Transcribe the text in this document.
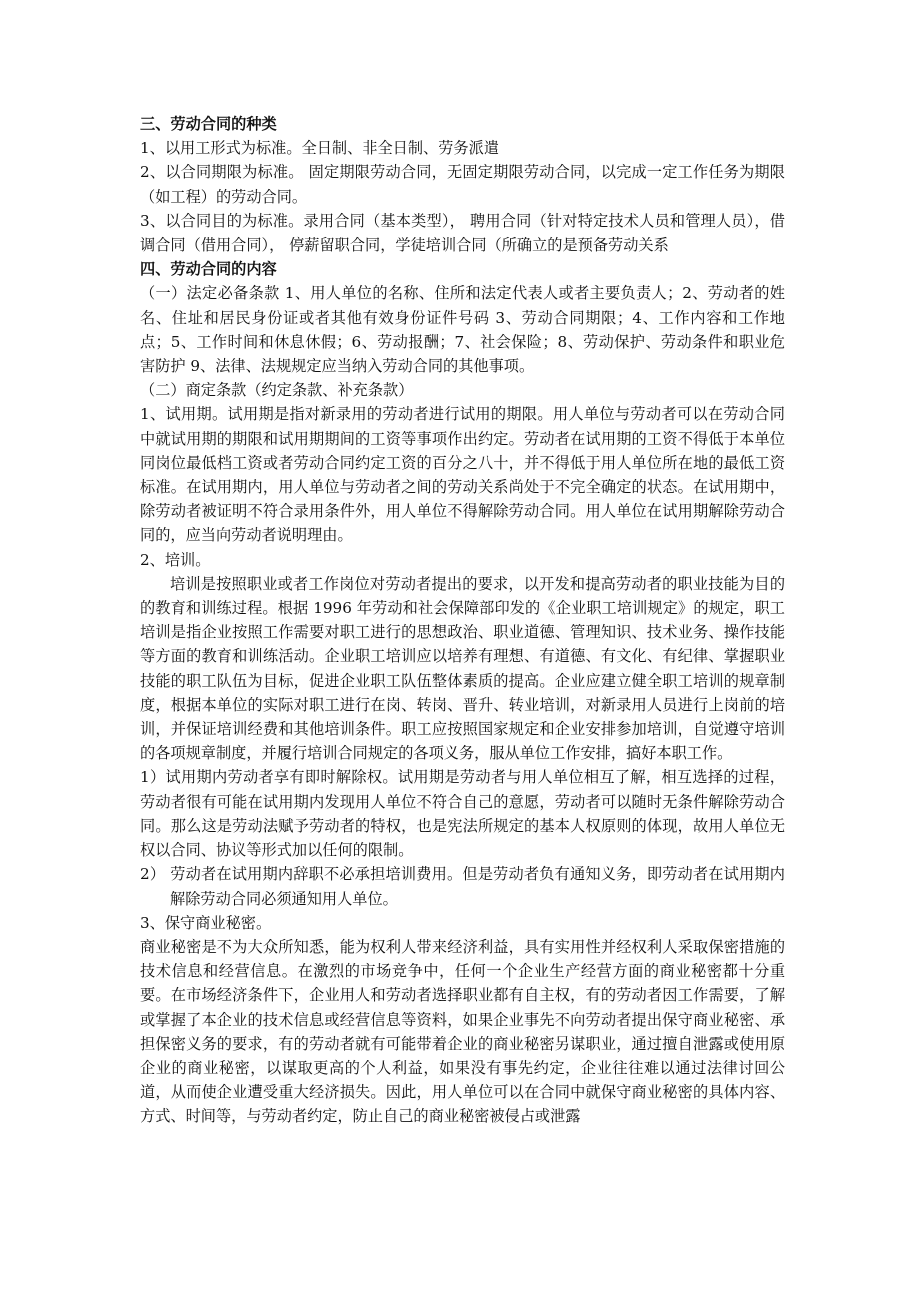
三、劳动合同的种类

1、以用工形式为标准。全日制、非全日制、劳务派遣

2、以合同期限为标准。 固定期限劳动合同，无固定期限劳动合同，以完成一定工作任务为期限（如工程）的劳动合同。

3、以合同目的为标准。录用合同（基本类型）， 聘用合同（针对特定技术人员和管理人员），借调合同（借用合同）， 停薪留职合同，学徒培训合同（所确立的是预备劳动关系

四、劳动合同的内容

（一）法定必备条款 1、用人单位的名称、住所和法定代表人或者主要负责人；2、劳动者的姓名、住址和居民身份证或者其他有效身份证件号码 3、劳动合同期限；4、工作内容和工作地点；5、工作时间和休息休假；6、劳动报酬；7、社会保险；8、劳动保护、劳动条件和职业危害防护 9、法律、法规规定应当纳入劳动合同的其他事项。

（二）商定条款（约定条款、补充条款）

1、试用期。试用期是指对新录用的劳动者进行试用的期限。用人单位与劳动者可以在劳动合同中就试用期的期限和试用期期间的工资等事项作出约定。劳动者在试用期的工资不得低于本单位同岗位最低档工资或者劳动合同约定工资的百分之八十，并不得低于用人单位所在地的最低工资标准。在试用期内，用人单位与劳动者之间的劳动关系尚处于不完全确定的状态。在试用期中，除劳动者被证明不符合录用条件外，用人单位不得解除劳动合同。用人单位在试用期解除劳动合同的，应当向劳动者说明理由。

2、培训。

培训是按照职业或者工作岗位对劳动者提出的要求，以开发和提高劳动者的职业技能为目的的教育和训练过程。根据 1996 年劳动和社会保障部印发的《企业职工培训规定》的规定，职工培训是指企业按照工作需要对职工进行的思想政治、职业道德、管理知识、技术业务、操作技能等方面的教育和训练活动。企业职工培训应以培养有理想、有道德、有文化、有纪律、掌握职业技能的职工队伍为目标，促进企业职工队伍整体素质的提高。企业应建立健全职工培训的规章制度，根据本单位的实际对职工进行在岗、转岗、晋升、转业培训，对新录用人员进行上岗前的培训，并保证培训经费和其他培训条件。职工应按照国家规定和企业安排参加培训，自觉遵守培训的各项规章制度，并履行培训合同规定的各项义务，服从单位工作安排，搞好本职工作。

1）试用期内劳动者享有即时解除权。试用期是劳动者与用人单位相互了解，相互选择的过程，劳动者很有可能在试用期内发现用人单位不符合自己的意愿，劳动者可以随时无条件解除劳动合同。那么这是劳动法赋予劳动者的特权，也是宪法所规定的基本人权原则的体现，故用人单位无权以合同、协议等形式加以任何的限制。

2） 劳动者在试用期内辞职不必承担培训费用。但是劳动者负有通知义务，即劳动者在试用期内解除劳动合同必须通知用人单位。

3、保守商业秘密。

商业秘密是不为大众所知悉，能为权利人带来经济利益，具有实用性并经权利人采取保密措施的技术信息和经营信息。在激烈的市场竞争中，任何一个企业生产经营方面的商业秘密都十分重要。在市场经济条件下，企业用人和劳动者选择职业都有自主权，有的劳动者因工作需要，了解或掌握了本企业的技术信息或经营信息等资料，如果企业事先不向劳动者提出保守商业秘密、承担保密义务的要求，有的劳动者就有可能带着企业的商业秘密另谋职业，通过擅自泄露或使用原企业的商业秘密，以谋取更高的个人利益，如果没有事先约定，企业往往难以通过法律讨回公道，从而使企业遭受重大经济损失。因此，用人单位可以在合同中就保守商业秘密的具体内容、方式、时间等，与劳动者约定，防止自己的商业秘密被侵占或泄露
